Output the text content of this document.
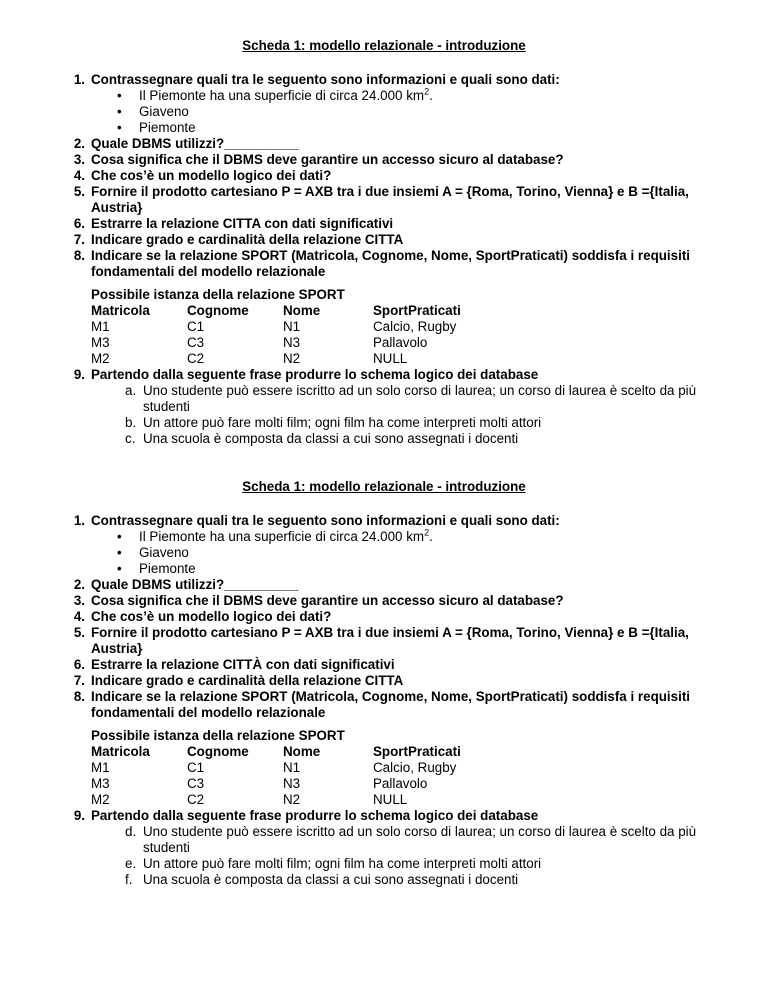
Scheda 1: modello relazionale - introduzione
1 . Contrassegnare quali tra le seguento sono informazioni e quali sono dati:
• Il Piemonte ha una superficie di circa 24.000 $km^2$.
• Giaveno
• Piemonte
2 . Quale DBMS utilizzi?__________
3 . Cosa significa che il DBMS deve garantire un accesso sicuro al database?
4 . Che cos’è un modello logico dei dati?
5 . Fornire il prodotto cartesiano P = AXB tra i due insiemi A = {Roma, Torino, Vienna} e B ={Italia, Austria}
6 . Estrarre la relazione CITTA con dati significativi
7 . Indicare grado e cardinalità della relazione CITTA
8 . Indicare se la relazione SPORT (Matricola, Cognome, Nome, SportPraticati) soddisfa i requisiti fondamentali del modello relazionale
Possibile istanza della relazione SPORT
Matricola	Cognome	Nome	SportPraticati
M1	C1	N1	Calcio, Rugby
M3	C3	N3	Pallavolo
M2	C2	N2	NULL
9 . Partendo dalla seguente frase produrre lo schema logico dei database
a . Uno studente può essere iscritto ad un solo corso di laurea; un corso di laurea è scelto da più studenti
b . Un attore può fare molti film; ogni film ha come interpreti molti attori
c . Una scuola è composta da classi a cui sono assegnati i docenti
Scheda 1: modello relazionale - introduzione
1 . Contrassegnare quali tra le seguento sono informazioni e quali sono dati:
• Il Piemonte ha una superficie di circa 24.000 $km^2$.
• Giaveno
• Piemonte
2 . Quale DBMS utilizzi?__________
3 . Cosa significa che il DBMS deve garantire un accesso sicuro al database?
4 . Che cos’è un modello logico dei dati?
5 . Fornire il prodotto cartesiano P = AXB tra i due insiemi A = {Roma, Torino, Vienna} e B ={Italia, Austria}
6 . Estrarre la relazione CITTÀ con dati significativi
7 . Indicare grado e cardinalità della relazione CITTA
8 . Indicare se la relazione SPORT (Matricola, Cognome, Nome, SportPraticati) soddisfa i requisiti fondamentali del modello relazionale
Possibile istanza della relazione SPORT
Matricola	Cognome	Nome	SportPraticati
M1	C1	N1	Calcio, Rugby
M3	C3	N3	Pallavolo
M2	C2	N2	NULL
9 . Partendo dalla seguente frase produrre lo schema logico dei database
d . Uno studente può essere iscritto ad un solo corso di laurea; un corso di laurea è scelto da più studenti
e . Un attore può fare molti film; ogni film ha come interpreti molti attori
f . Una scuola è composta da classi a cui sono assegnati i docenti
